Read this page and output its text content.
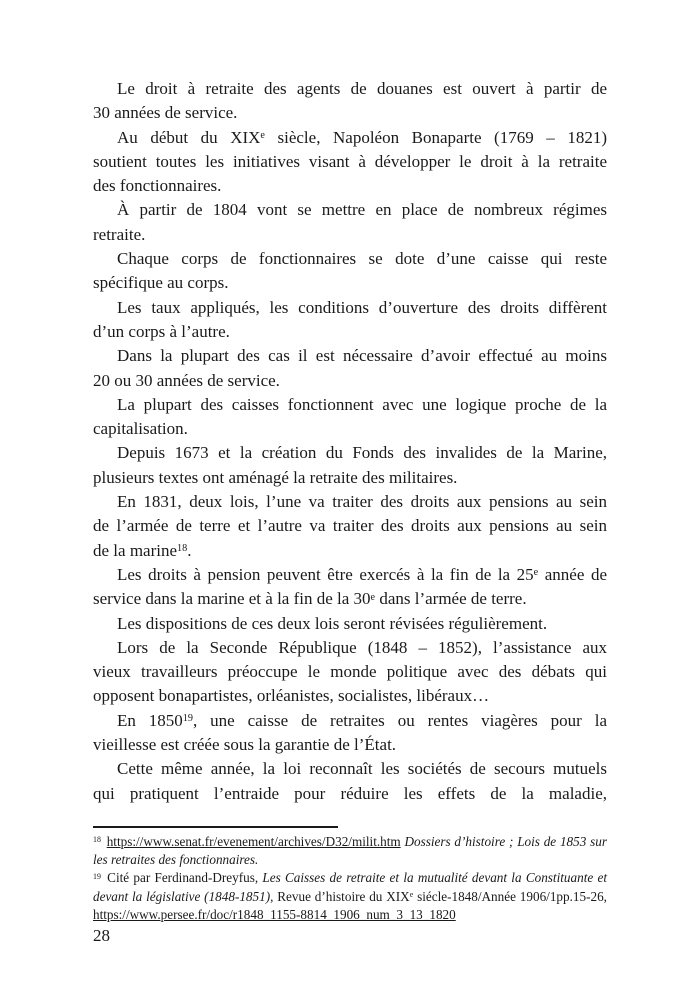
Le droit à retraite des agents de douanes est ouvert à partir de
30 années de service.
Au début du XIXe siècle, Napoléon Bonaparte (1769 – 1821)
soutient toutes les initiatives visant à développer le droit à la retraite
des fonctionnaires.
À partir de 1804 vont se mettre en place de nombreux régimes
retraite.
Chaque corps de fonctionnaires se dote d’une caisse qui reste
spécifique au corps.
Les taux appliqués, les conditions d’ouverture des droits diffèrent
d’un corps à l’autre.
Dans la plupart des cas il est nécessaire d’avoir effectué au moins
20 ou 30 années de service.
La plupart des caisses fonctionnent avec une logique proche de la
capitalisation.
Depuis 1673 et la création du Fonds des invalides de la Marine,
plusieurs textes ont aménagé la retraite des militaires.
En 1831, deux lois, l’une va traiter des droits aux pensions au sein
de l’armée de terre et l’autre va traiter des droits aux pensions au sein
de la marine$^{18}$.
Les droits à pension peuvent être exercés à la fin de la 25e année de
service dans la marine et à la fin de la 30e dans l’armée de terre.
Les dispositions de ces deux lois seront révisées régulièrement.
Lors de la Seconde République (1848 – 1852), l’assistance aux
vieux travailleurs préoccupe le monde politique avec des débats qui
opposent bonapartistes, orléanistes, socialistes, libéraux…
En 1850$^{19}$, une caisse de retraites ou rentes viagères pour la
vieillesse est créée sous la garantie de l’État.
Cette même année, la loi reconnaît les sociétés de secours mutuels
qui pratiquent l’entraide pour réduire les effets de la maladie,
$^{18}$ https://www.senat.fr/evenement/archives/D32/milit.htm Dossiers d’histoire ; Lois de 1853 sur les retraites des fonctionnaires.
$^{19}$ Cité par Ferdinand-Dreyfus, Les Caisses de retraite et la mutualité devant la Constituante et devant la législative (1848-1851), Revue d’histoire du XIXe siécle-1848/Année 1906/1pp.15-26, https://www.persee.fr/doc/r1848_1155-8814_1906_num_3_13_1820
28
